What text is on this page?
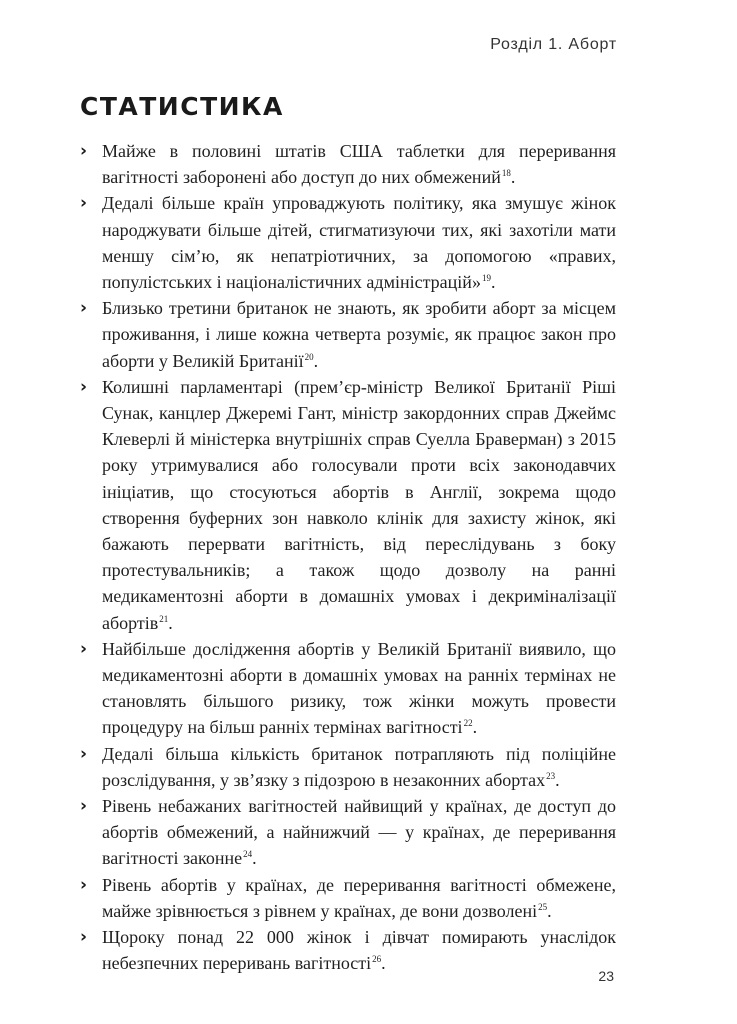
Розділ 1. Аборт
СТАТИСТИКА
› Майже в половині штатів США таблетки для переривання вагітності заборонені або доступ до них обмежений$^{18}$.
› Дедалі більше країн упроваджують політику, яка змушує жінок народжувати більше дітей, стигматизуючи тих, які захотіли мати меншу сім’ю, як непатріотичних, за допомогою «правих, популістських і націоналістичних адміністрацій»$^{19}$.
› Близько третини британок не знають, як зробити аборт за місцем проживання, і лише кожна четверта розуміє, як працює закон про аборти у Великій Британії$^{20}$.
› Колишні парламентарі (прем’єр-міністр Великої Британії Ріші Сунак, канцлер Джеремі Гант, міністр закордонних справ Джеймс Клеверлі й міністерка внутрішніх справ Суелла Браверман) з 2015 року утримувалися або голосували проти всіх законодавчих ініціатив, що стосуються абортів в Англії, зокрема щодо створення буферних зон навколо клінік для захисту жінок, які бажають перервати вагітність, від переслідувань з боку протестувальників; а також щодо дозволу на ранні медикаментозні аборти в домашніх умовах і декриміналізації абортів$^{21}$.
› Найбільше дослідження абортів у Великій Британії виявило, що медикаментозні аборти в домашніх умовах на ранніх термінах не становлять більшого ризику, тож жінки можуть провести процедуру на більш ранніх термінах вагітності$^{22}$.
› Дедалі більша кількість британок потрапляють під поліційне розслідування, у зв’язку з підозрою в незаконних абортах$^{23}$.
› Рівень небажаних вагітностей найвищий у країнах, де доступ до абортів обмежений, а найнижчий — у країнах, де переривання вагітності законне$^{24}$.
› Рівень абортів у країнах, де переривання вагітності обмежене, майже зрівнюється з рівнем у країнах, де вони дозволені$^{25}$.
› Щороку понад 22 000 жінок і дівчат помирають унаслідок небезпечних переривань вагітності$^{26}$.
23
